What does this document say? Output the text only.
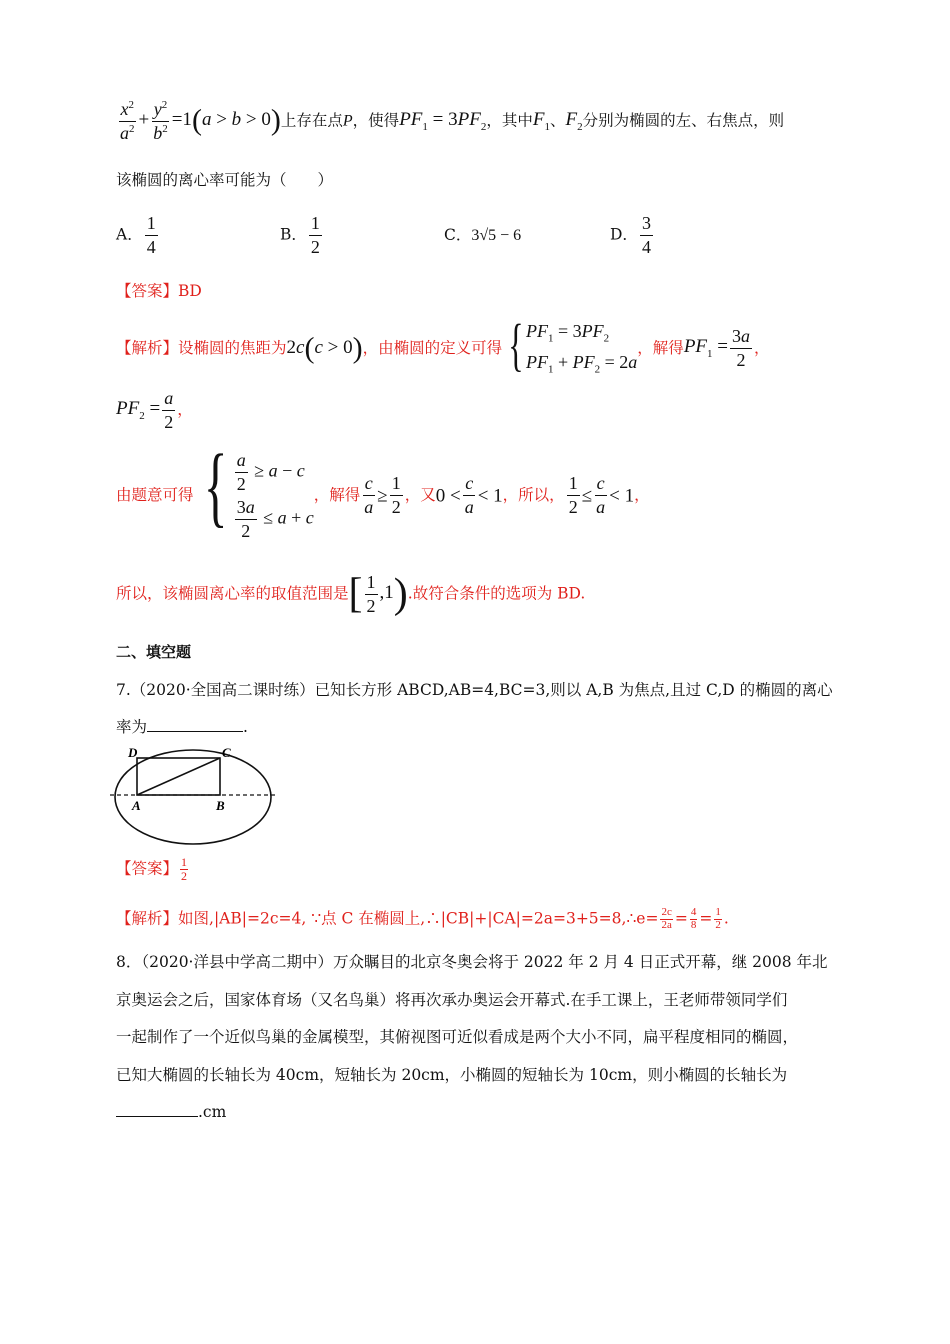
$\frac{x^2}{a^2} + \frac{y^2}{b^2} =1(a > b > 0)$上存在点P，使得$PF_1 = 3PF_2$，其中$F_1$、$F_2$分别为椭圆的左、右焦点，则
该椭圆的离心率可能为（　　）
A． $\frac{1}{4}$	B． $\frac{1}{2}$	C．3√5 − 6	D． $\frac{3}{4}$
【答案】BD
【解析】设椭圆的焦距为2c(c > 0)，由椭圆的定义可得 { $PF_1 = 3PF_2$
$PF_1 + PF_2 = 2a$
，解得$PF_1 = \frac{3a}{2}$ ，
$PF_2 = \frac{a}{2}$ ，
由题意可得 { $\frac{a}{2} \ge a - c$
$\frac{3a}{2} \le a + c$
，解得 $\frac{c}{a} \ge \frac{1}{2}$ ，又$0 < \frac{c}{a} < 1$，所以， $\frac{1}{2} \le \frac{c}{a} < 1$，
所以，该椭圆离心率的取值范围是[ $\frac{1}{2} ,1$).故符合条件的选项为 BD.
二、填空题
7.（2020·全国高二课时练）已知长方形 ABCD,AB=4,BC=3,则以 A,B 为焦点,且过 C,D 的椭圆的离心
率为	.
D	C
A	B
【答案】 $\frac{1}{2}$
【解析】如图,|AB|=2c=4, ∵点 C 在椭圆上,∴|CB|+|CA|=2a=3+5=8,∴e= $\frac{2c}{2a} = \frac{4}{8} = \frac{1}{2}$ .
8．（2020·洋县中学高二期中）万众瞩目的北京冬奥会将于 2022 年 2 月 4 日正式开幕，继 2008 年北
京奥运会之后，国家体育场（又名鸟巢）将再次承办奥运会开幕式.在手工课上，王老师带领同学们
一起制作了一个近似鸟巢的金属模型，其俯视图可近似看成是两个大小不同，扁平程度相同的椭圆，
已知大椭圆的长轴长为 40cm，短轴长为 20cm，小椭圆的短轴长为 10cm，则小椭圆的长轴长为
.cm
